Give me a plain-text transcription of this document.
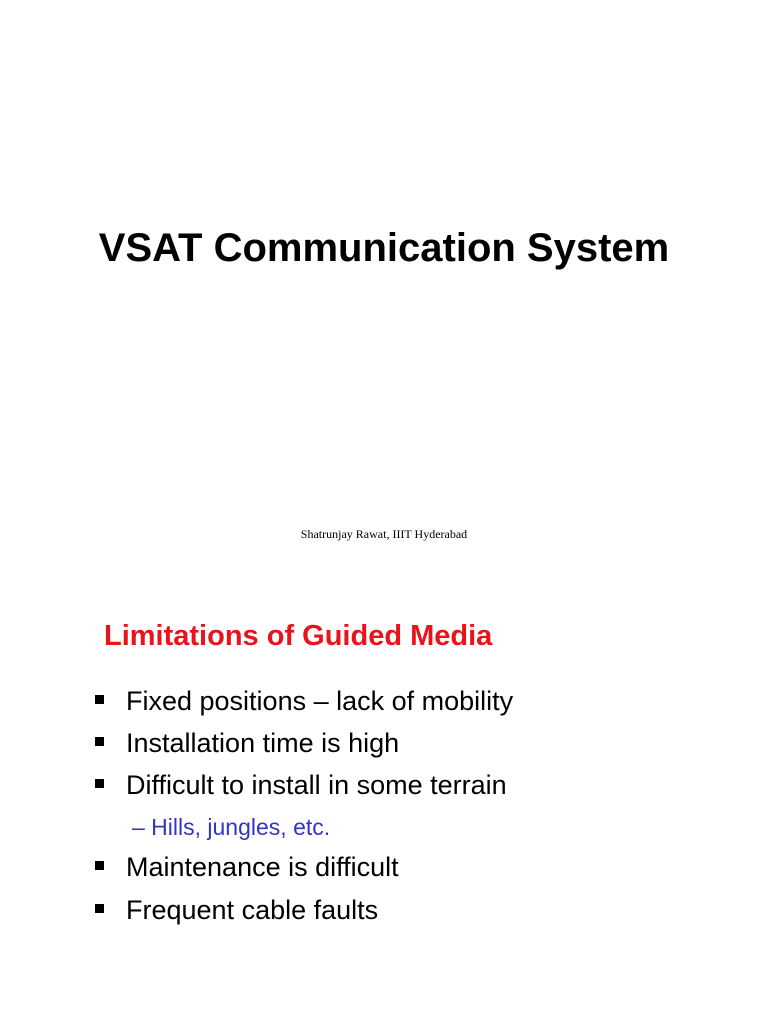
VSAT Communication System
Shatrunjay Rawat, IIIT Hyderabad
Limitations of Guided Media
Fixed positions – lack of mobility
Installation time is high
Difficult to install in some terrain
– Hills, jungles, etc.
Maintenance is difficult
Frequent cable faults
